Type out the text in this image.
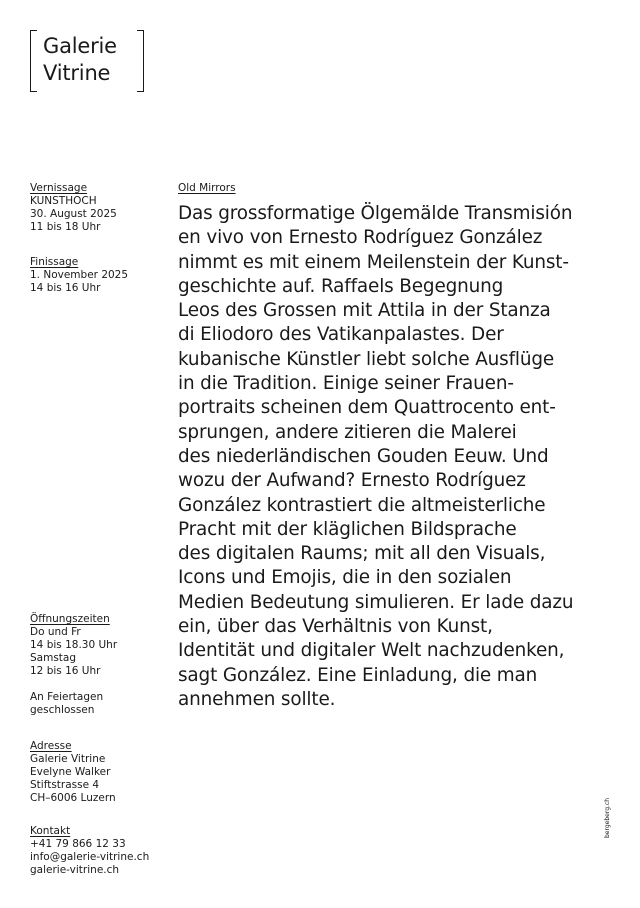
Galerie
Vitrine
Vernissage
KUNSTHOCH
30. August 2025
11 bis 18 Uhr
Finissage
1. November 2025
14 bis 16 Uhr
Öffnungszeiten
Do und Fr
14 bis 18.30 Uhr
Samstag
12 bis 16 Uhr
An Feiertagen
geschlossen
Adresse
Galerie Vitrine
Evelyne Walker
Stiftstrasse 4
CH–6006 Luzern
Kontakt
+41 79 866 12 33
info@galerie-vitrine.ch
galerie-vitrine.ch
Old Mirrors
Das grossformatige Ölgemälde Transmisión
en vivo von Ernesto Rodríguez González
nimmt es mit einem Meilenstein der Kunst-
geschichte auf. Raffaels Begegnung
Leos des Grossen mit Attila in der Stanza
di Eliodoro des Vatikanpalastes. Der
kubanische Künstler liebt solche Ausflüge
in die Tradition. Einige seiner Frauen-
portraits scheinen dem Quattrocento ent-
sprungen, andere zitieren die Malerei
des niederländischen Gouden Eeuw. Und
wozu der Aufwand? Ernesto Rodríguez
González kontrastiert die altmeisterliche
Pracht mit der kläglichen Bildsprache
des digitalen Raums; mit all den Visuals,
Icons und Emojis, die in den sozialen
Medien Bedeutung simulieren. Er lade dazu
ein, über das Verhältnis von Kunst,
Identität und digitaler Welt nachzudenken,
sagt González. Eine Einladung, die man
annehmen sollte.
bergeberg.ch
